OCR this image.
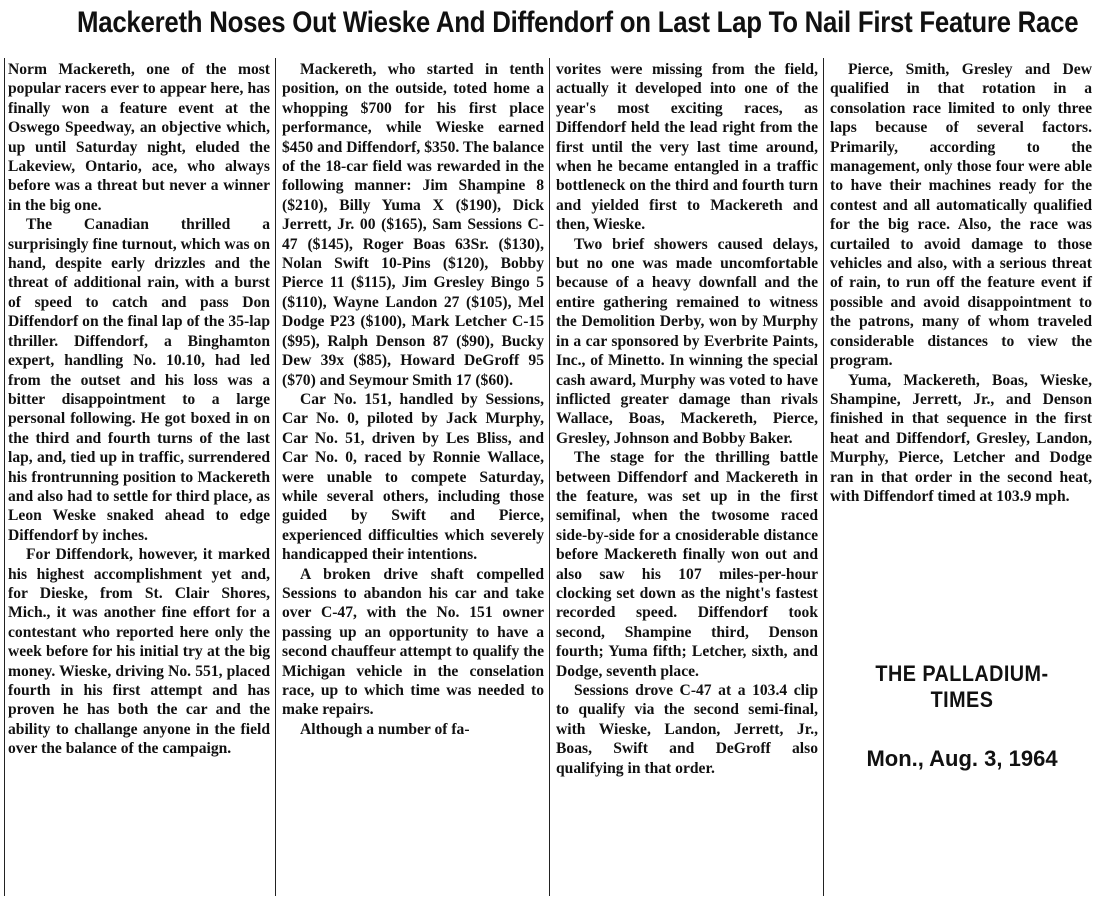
Mackereth Noses Out Wieske And Diffendorf on Last Lap To Nail First Feature Race

Norm Mackereth, one of the most popular racers ever to appear here, has finally won a feature event at the Oswego Speedway, an objective which, up until Saturday night, eluded the Lakeview, Ontario, ace, who always before was a threat but never a winner in the big one.

The Canadian thrilled a surprisingly fine turnout, which was on hand, despite early drizzles and the threat of additional rain, with a burst of speed to catch and pass Don Diffendorf on the final lap of the 35-lap thriller. Diffendorf, a Binghamton expert, handling No. 10.10, had led from the outset and his loss was a bitter disappointment to a large personal following. He got boxed in on the third and fourth turns of the last lap, and, tied up in traffic, surrendered his frontrunning position to Mackereth and also had to settle for third place, as Leon Weske snaked ahead to edge Diffendorf by inches.

For Diffendork, however, it marked his highest accomplishment yet and, for Dieske, from St. Clair Shores, Mich., it was another fine effort for a contestant who reported here only the week before for his initial try at the big money. Wieske, driving No. 551, placed fourth in his first attempt and has proven he has both the car and the ability to challange anyone in the field over the balance of the campaign.

Mackereth, who started in tenth position, on the outside, toted home a whopping $700 for his first place performance, while Wieske earned $450 and Diffendorf, $350. The balance of the 18-car field was rewarded in the following manner: Jim Shampine 8 ($210), Billy Yuma X ($190), Dick Jerrett, Jr. 00 ($165), Sam Sessions C-47 ($145), Roger Boas 63Sr. ($130), Nolan Swift 10-Pins ($120), Bobby Pierce 11 ($115), Jim Gresley Bingo 5 ($110), Wayne Landon 27 ($105), Mel Dodge P23 ($100), Mark Letcher C-15 ($95), Ralph Denson 87 ($90), Bucky Dew 39x ($85), Howard DeGroff 95 ($70) and Seymour Smith 17 ($60).

Car No. 151, handled by Sessions, Car No. 0, piloted by Jack Murphy, Car No. 51, driven by Les Bliss, and Car No. 0, raced by Ronnie Wallace, were unable to compete Saturday, while several others, including those guided by Swift and Pierce, experienced difficulties which severely handicapped their intentions.

A broken drive shaft compelled Sessions to abandon his car and take over C-47, with the No. 151 owner passing up an opportunity to have a second chauffeur attempt to qualify the Michigan vehicle in the conselation race, up to which time was needed to make repairs.

Although a number of fa-

vorites were missing from the field, actually it developed into one of the year's most exciting races, as Diffendorf held the lead right from the first until the very last time around, when he became entangled in a traffic bottleneck on the third and fourth turn and yielded first to Mackereth and then, Wieske.

Two brief showers caused delays, but no one was made uncomfortable because of a heavy downfall and the entire gathering remained to witness the Demolition Derby, won by Murphy in a car sponsored by Everbrite Paints, Inc., of Minetto. In winning the special cash award, Murphy was voted to have inflicted greater damage than rivals Wallace, Boas, Mackereth, Pierce, Gresley, Johnson and Bobby Baker.

The stage for the thrilling battle between Diffendorf and Mackereth in the feature, was set up in the first semifinal, when the twosome raced side-by-side for a cnosiderable distance before Mackereth finally won out and also saw his 107 miles-per-hour clocking set down as the night's fastest recorded speed. Diffendorf took second, Shampine third, Denson fourth; Yuma fifth; Letcher, sixth, and Dodge, seventh place.

Sessions drove C-47 at a 103.4 clip to qualify via the second semi-final, with Wieske, Landon, Jerrett, Jr., Boas, Swift and DeGroff also qualifying in that order.

Pierce, Smith, Gresley and Dew qualified in that rotation in a consolation race limited to only three laps because of several factors. Primarily, according to the management, only those four were able to have their machines ready for the contest and all automatically qualified for the big race. Also, the race was curtailed to avoid damage to those vehicles and also, with a serious threat of rain, to run off the feature event if possible and avoid disappointment to the patrons, many of whom traveled considerable distances to view the program.

Yuma, Mackereth, Boas, Wieske, Shampine, Jerrett, Jr., and Denson finished in that sequence in the first heat and Diffendorf, Gresley, Landon, Murphy, Pierce, Letcher and Dodge ran in that order in the second heat, with Diffendorf timed at 103.9 mph.

THE PALLADIUM-TIMES
Mon., Aug. 3, 1964
